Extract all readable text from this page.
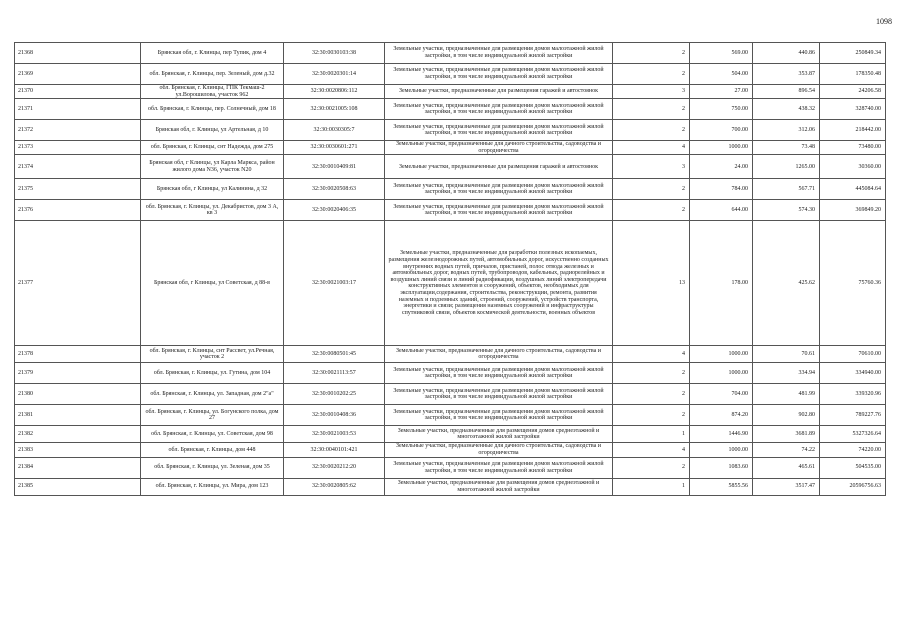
1098
21368	Брянская обл, г. Клинцы, пер Тупик, дом 4	32:30:0030103:38	Земельные участки, предназначенные для размещения домов малоэтажной жилой застройки, в том числе индивидуальной жилой застройки	2	569.00	440.86	250849.34
21369	обл. Брянская, г. Клинцы, пер. Зеленый, дом д.32	32:30:0020301:14	Земельные участки, предназначенные для размещения домов малоэтажной жилой застройки, в том числе индивидуальной жилой застройки	2	504.00	353.87	178350.48
21370	обл. Брянская, г. Клинцы, ГПК Текмаш-2 ул.Ворошилова, участок 962	32:30:0020806:112	Земельные участки, предназначенные для размещения гаражей и автостоянок	3	27.00	896.54	24206.58
21371	обл. Брянская, г. Клинцы, пер. Солнечный, дом 18	32:30:0021005:108	Земельные участки, предназначенные для размещения домов малоэтажной жилой застройки, в том числе индивидуальной жилой застройки	2	750.00	438.32	328740.00
21372	Брянская обл, г. Клинцы, ул Артельная, д 10	32:30:0030305:7	Земельные участки, предназначенные для размещения домов малоэтажной жилой застройки, в том числе индивидуальной жилой застройки	2	700.00	312.06	218442.00
21373	обл. Брянская, г. Клинцы, снт Надежда, дом 275	32:30:0030601:271	Земельные участки, предназначенные для дачного строительства, садоводства и огородничества	4	1000.00	73.48	73480.00
21374	Брянская обл, г Клинцы, ул Карла Маркса, район жилого дома N36, участок N20	32:30:0010409:81	Земельные участки, предназначенные для размещения гаражей и автостоянок	3	24.00	1265.00	30360.00
21375	Брянская обл, г Клинцы, ул Калинина, д 32	32:30:0020508:63	Земельные участки, предназначенные для размещения домов малоэтажной жилой застройки, в том числе индивидуальной жилой застройки	2	784.00	567.71	445084.64
21376	обл. Брянская, г. Клинцы, ул. Декабристов, дом 3 А, кв 3	32:30:0020406:35	Земельные участки, предназначенные для размещения домов малоэтажной жилой застройки, в том числе индивидуальной жилой застройки	2	644.00	574.30	369849.20
21377	Брянская обл, г Клинцы, ул Советская, д 88-в	32:30:0021003:17	Земельные участки, предназначенные для разработки полезных ископаемых, размещения железнодорожных путей, автомобильных дорог, искусственно созданных внутренних водных путей, причалов, пристаней, полос отвода железных и автомобильных дорог, водных путей, трубопроводов, кабельных, радиорелейных и воздушных линий связи и линий радиофикации, воздушных линий электропередачи конструктивных элементов и сооружений, объектов, необходимых для эксплуатации,содержания, строительства, реконструкции, ремонта, развития наземных и подземных зданий, строений, сооружений, устройств транспорта, энергетики и связи; размещения наземных сооружений и инфраструктуры спутниковой связи, объектов космической деятельности, военных объектов	13	178.00	425.62	75760.36
21378	обл. Брянская, г. Клинцы, снт Рассвет, ул.Речная, участок 2	32:30:0080501:45	Земельные участки, предназначенные для дачного строительства, садоводства и огородничества	4	1000.00	70.61	70610.00
21379	обл. Брянская, г. Клинцы, ул. Гутина, дом 104	32:30:0021113:57	Земельные участки, предназначенные для размещения домов малоэтажной жилой застройки, в том числе индивидуальной жилой застройки	2	1000.00	334.94	334940.00
21380	обл. Брянская, г. Клинцы, ул. Западная, дом 2"а"	32:30:0010202:25	Земельные участки, предназначенные для размещения домов малоэтажной жилой застройки, в том числе индивидуальной жилой застройки	2	704.00	481.99	339320.96
21381	обл. Брянская, г. Клинцы, ул. Богунского полка, дом 27	32:30:0010408:36	Земельные участки, предназначенные для размещения домов малоэтажной жилой застройки, в том числе индивидуальной жилой застройки	2	874.20	902.80	789227.76
21382	обл. Брянская, г. Клинцы, ул. Советская, дом 98	32:30:0021003:53	Земельные участки, предназначенные для размещения домов среднеэтажной и многоэтажной жилой застройки	1	1446.90	3681.89	5327326.64
21383	обл. Брянская, г. Клинцы, дом 448	32:30:0040101:421	Земельные участки, предназначенные для дачного строительства, садоводства и огородничества	4	1000.00	74.22	74220.00
21384	обл. Брянская, г. Клинцы, ул. Зеленая, дом 35	32:30:0020212:20	Земельные участки, предназначенные для размещения домов малоэтажной жилой застройки, в том числе индивидуальной жилой застройки	2	1083.60	465.61	504535.00
21385	обл. Брянская, г. Клинцы, ул. Мира, дом 123	32:30:0020805:62	Земельные участки, предназначенные для размещения домов среднеэтажной и многоэтажной жилой застройки	1	5855.56	3517.47	20596756.63
